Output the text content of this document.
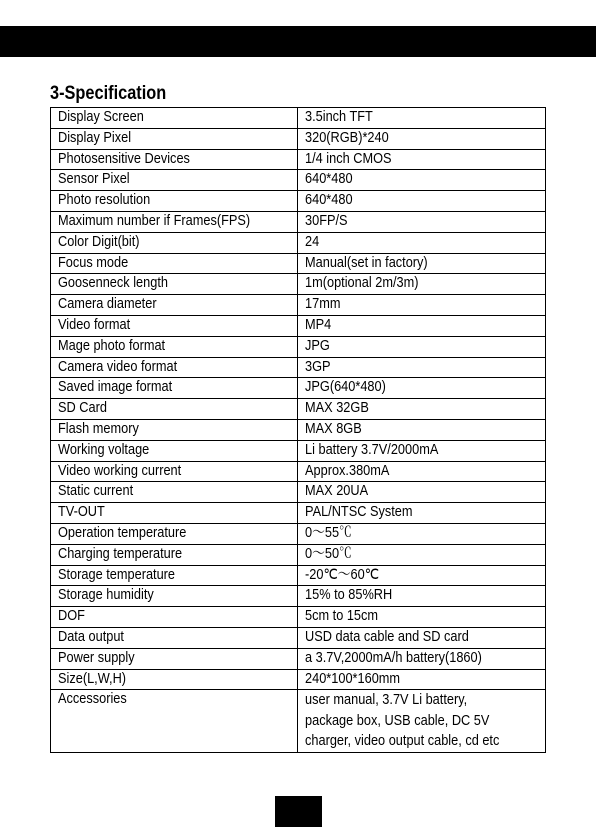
3-Specification
Display Screen	3.5inch TFT
Display Pixel	320(RGB)*240
Photosensitive Devices	1/4 inch CMOS
Sensor Pixel	640*480
Photo resolution	640*480
Maximum number if Frames(FPS)	30FP/S
Color Digit(bit)	24
Focus mode	Manual(set in factory)
Goosenneck length	1m(optional 2m/3m)
Camera diameter	17mm
Video format	MP4
Mage photo format	JPG
Camera video format	3GP
Saved image format	JPG(640*480)
SD Card	MAX 32GB
Flash memory	MAX 8GB
Working voltage	Li battery 3.7V/2000mA
Video working current	Approx.380mA
Static current	MAX 20UA
TV-OUT	PAL/NTSC System
Operation temperature	0～55℃
Charging temperature	0～50℃
Storage temperature	-20℃～60℃
Storage humidity	15% to 85%RH
DOF	5cm to 15cm
Data output	USD data cable and SD card
Power supply	a 3.7V,2000mA/h battery(1860)
Size(L,W,H)	240*100*160mm
Accessories	user manual, 3.7V Li battery, package box, USB cable, DC 5V charger, video output cable, cd etc
